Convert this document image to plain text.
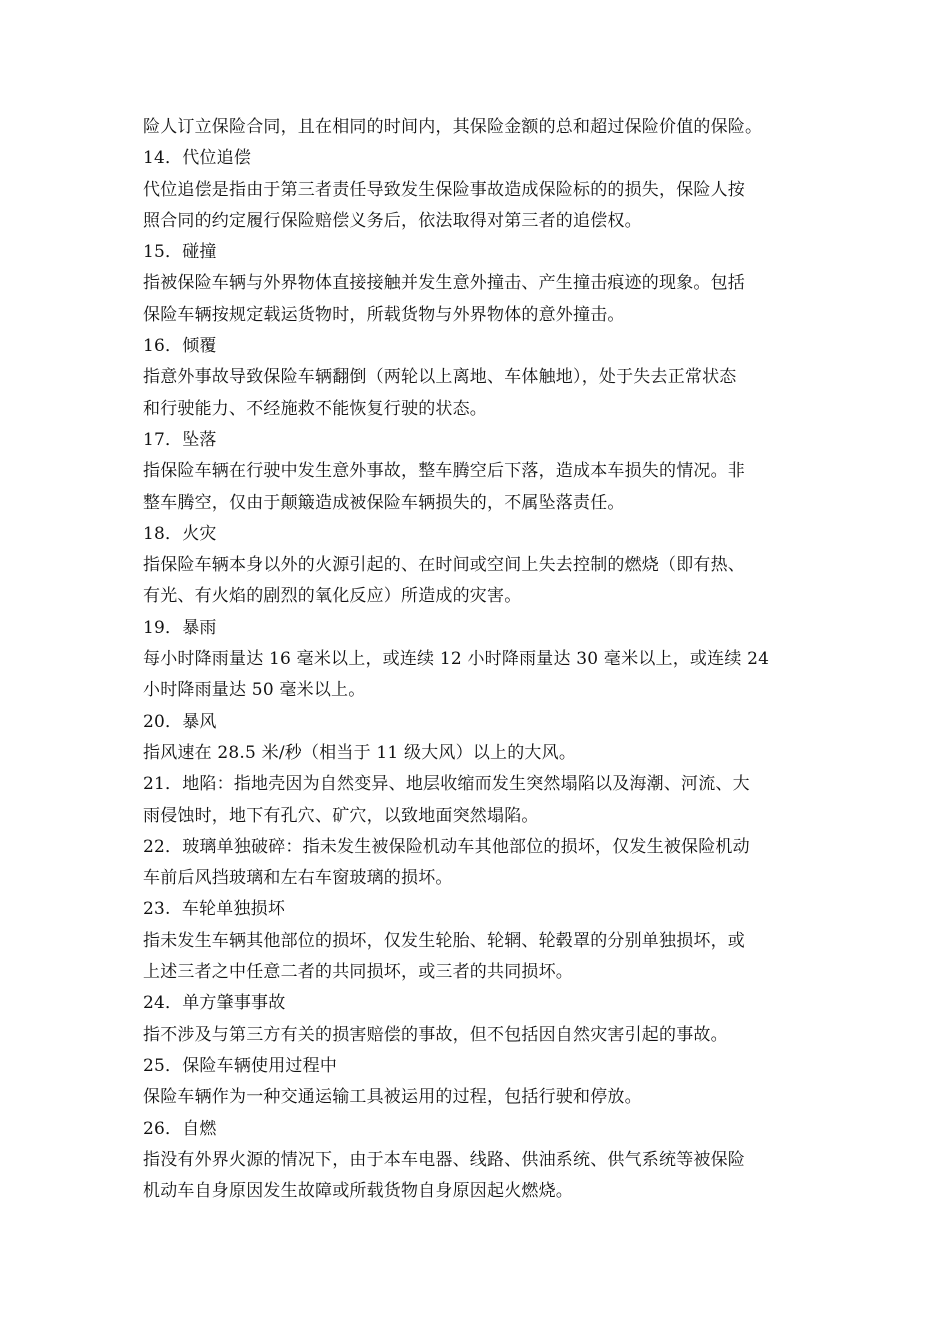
险人订立保险合同，且在相同的时间内，其保险金额的总和超过保险价值的保险。

14．代位追偿

代位追偿是指由于第三者责任导致发生保险事故造成保险标的的损失，保险人按

照合同的约定履行保险赔偿义务后，依法取得对第三者的追偿权。

15．碰撞

指被保险车辆与外界物体直接接触并发生意外撞击、产生撞击痕迹的现象。包括

保险车辆按规定载运货物时，所载货物与外界物体的意外撞击。

16．倾覆

指意外事故导致保险车辆翻倒（两轮以上离地、车体触地），处于失去正常状态

和行驶能力、不经施救不能恢复行驶的状态。

17．坠落

指保险车辆在行驶中发生意外事故，整车腾空后下落，造成本车损失的情况。非

整车腾空，仅由于颠簸造成被保险车辆损失的，不属坠落责任。

18．火灾

指保险车辆本身以外的火源引起的、在时间或空间上失去控制的燃烧（即有热、

有光、有火焰的剧烈的氧化反应）所造成的灾害。

19．暴雨

每小时降雨量达 16 毫米以上，或连续 12 小时降雨量达 30 毫米以上，或连续 24

小时降雨量达 50 毫米以上。

20．暴风

指风速在 28.5 米/秒（相当于 11 级大风）以上的大风。

21．地陷：指地壳因为自然变异、地层收缩而发生突然塌陷以及海潮、河流、大

雨侵蚀时，地下有孔穴、矿穴，以致地面突然塌陷。

22．玻璃单独破碎：指未发生被保险机动车其他部位的损坏，仅发生被保险机动

车前后风挡玻璃和左右车窗玻璃的损坏。

23.  车轮单独损坏

指未发生车辆其他部位的损坏，仅发生轮胎、轮辋、轮毂罩的分别单独损坏，或

上述三者之中任意二者的共同损坏，或三者的共同损坏。

24．单方肇事事故

指不涉及与第三方有关的损害赔偿的事故，但不包括因自然灾害引起的事故。

25．保险车辆使用过程中

保险车辆作为一种交通运输工具被运用的过程，包括行驶和停放。

26．自燃

指没有外界火源的情况下，由于本车电器、线路、供油系统、供气系统等被保险

机动车自身原因发生故障或所载货物自身原因起火燃烧。
